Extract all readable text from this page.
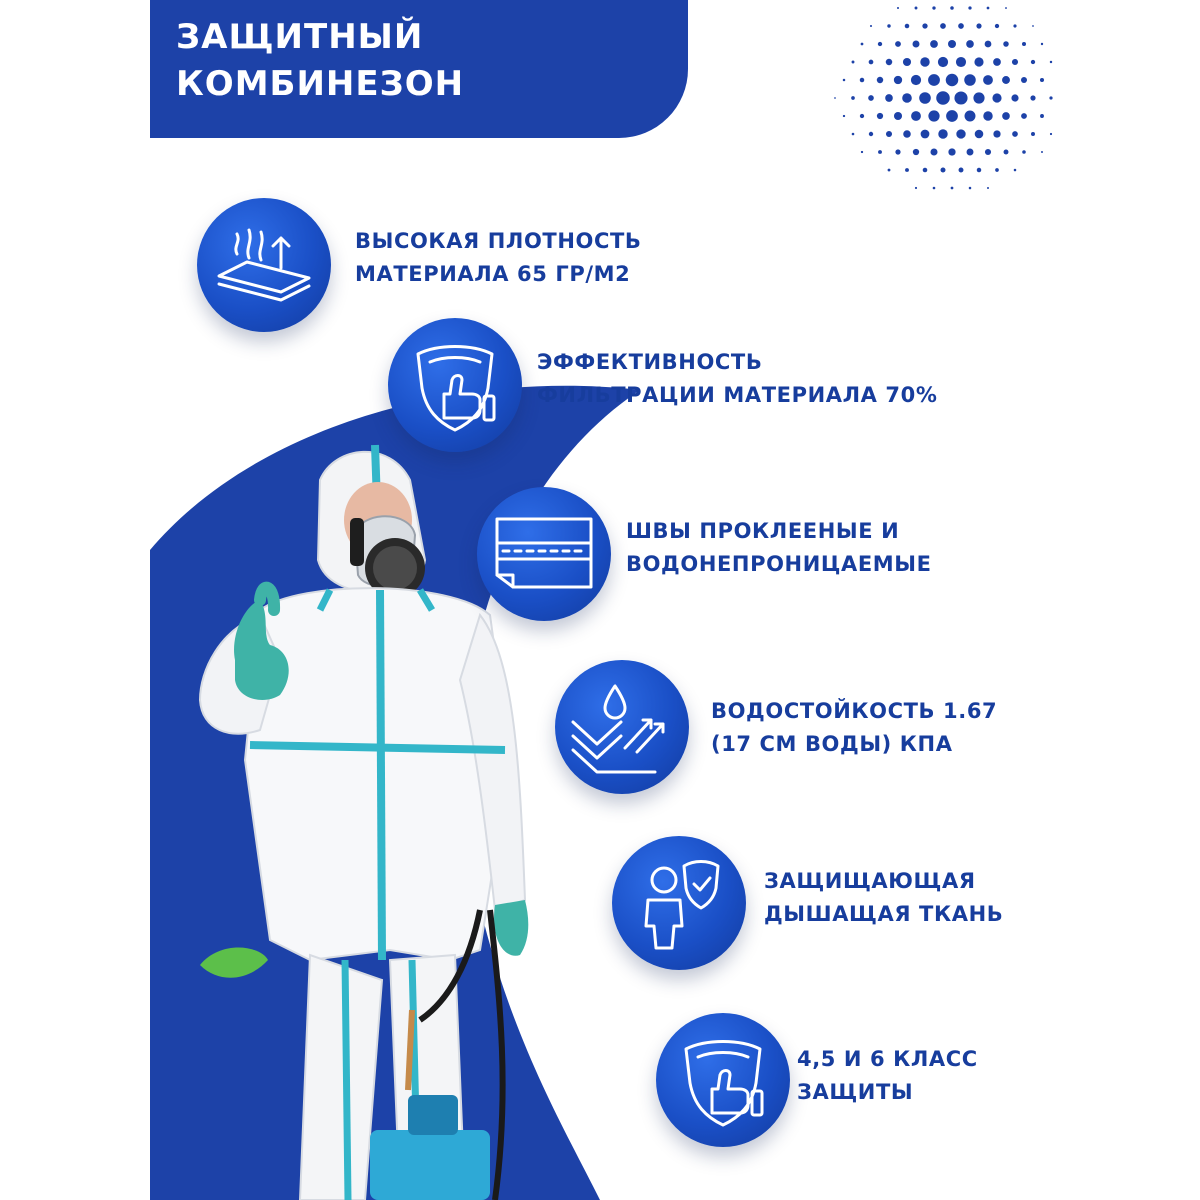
ЗАЩИТНЫЙ
КОМБИНЕЗОН
ВЫСОКАЯ ПЛОТНОСТЬ
МАТЕРИАЛА 65 ГР/М2
ЭФФЕКТИВНОСТЬ
ФИЛЬТРАЦИИ МАТЕРИАЛА 70%
ШВЫ ПРОКЛЕЕНЫЕ И
ВОДОНЕПРОНИЦАЕМЫЕ
ВОДОСТОЙКОСТЬ 1.67
(17 СМ ВОДЫ) КПА
ЗАЩИЩАЮЩАЯ
ДЫШАЩАЯ ТКАНЬ
4,5 И 6 КЛАСС
ЗАЩИТЫ
